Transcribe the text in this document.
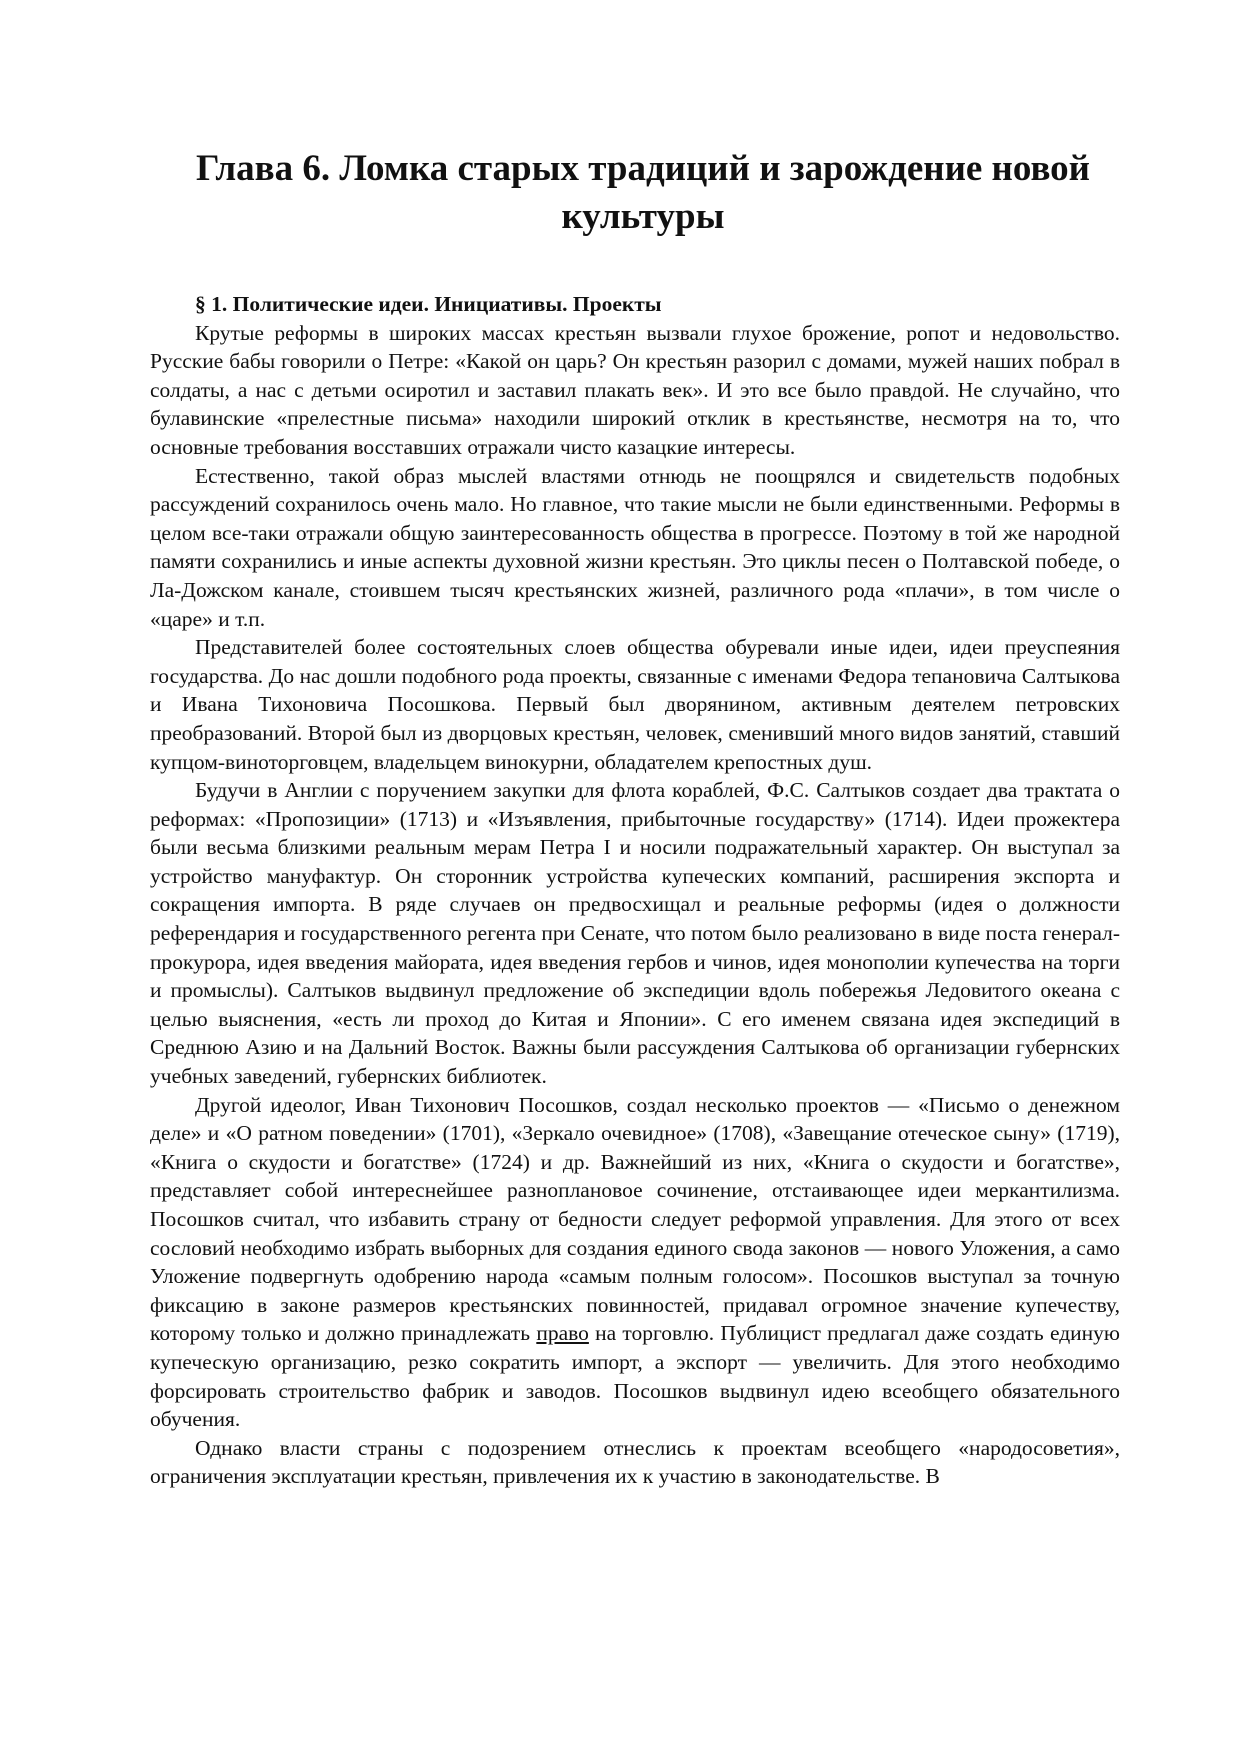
Глава 6. Ломка старых традиций и зарождение новой культуры

§ 1. Политические идеи. Инициативы. Проекты

Крутые реформы в широких массах крестьян вызвали глухое брожение, ропот и недовольство. Русские бабы говорили о Петре: «Какой он царь? Он крестьян разорил с домами, мужей наших побрал в солдаты, а нас с детьми осиротил и заставил плакать век». И это все было правдой. Не случайно, что булавинские «прелестные письма» находили широкий отклик в крестьянстве, несмотря на то, что основные требования восставших отражали чисто казацкие интересы.

Естественно, такой образ мыслей властями отнюдь не поощрялся и свидетельств подобных рассуждений сохранилось очень мало. Но главное, что такие мысли не были единственными. Реформы в целом все-таки отражали общую заинтересованность общества в прогрессе. Поэтому в той же народной памяти сохранились и иные аспекты духовной жизни крестьян. Это циклы песен о Полтавской победе, о Ла-Дожском канале, стоившем тысяч крестьянских жизней, различного рода «плачи», в том числе о «царе» и т.п.

Представителей более состоятельных слоев общества обуревали иные идеи, идеи преуспеяния государства. До нас дошли подобного рода проекты, связанные с именами Федора тепановича Салтыкова и Ивана Тихоновича Посошкова. Первый был дворянином, активным деятелем петровских преобразований. Второй был из дворцовых крестьян, человек, сменивший много видов занятий, ставший купцом-виноторговцем, владельцем винокурни, обладателем крепостных душ.

Будучи в Англии с поручением закупки для флота кораблей, Ф.С. Салтыков создает два трактата о реформах: «Пропозиции» (1713) и «Изъявления, прибыточные государству» (1714). Идеи прожектера были весьма близкими реальным мерам Петра I и носили подражательный характер. Он выступал за устройство мануфактур. Он сторонник устройства купеческих компаний, расширения экспорта и сокращения импорта. В ряде случаев он предвосхищал и реальные реформы (идея о должности референдария и государственного регента при Сенате, что потом было реализовано в виде поста генерал-прокурора, идея введения майората, идея введения гербов и чинов, идея монополии купечества на торги и промыслы). Салтыков выдвинул предложение об экспедиции вдоль побережья Ледовитого океана с целью выяснения, «есть ли проход до Китая и Японии». С его именем связана идея экспедиций в Среднюю Азию и на Дальний Восток. Важны были рассуждения Салтыкова об организации губернских учебных заведений, губернских библиотек.

Другой идеолог, Иван Тихонович Посошков, создал несколько проектов — «Письмо о денежном деле» и «О ратном поведении» (1701), «Зеркало очевидное» (1708), «Завещание отеческое сыну» (1719), «Книга о скудости и богатстве» (1724) и др. Важнейший из них, «Книга о скудости и богатстве», представляет собой интереснейшее разноплановое сочинение, отстаивающее идеи меркантилизма. Посошков считал, что избавить страну от бедности следует реформой управления. Для этого от всех сословий необходимо избрать выборных для создания единого свода законов — нового Уложения, а само Уложение подвергнуть одобрению народа «самым полным голосом». Посошков выступал за точную фиксацию в законе размеров крестьянских повинностей, придавал огромное значение купечеству, которому только и должно принадлежать право на торговлю. Публицист предлагал даже создать единую купеческую организацию, резко сократить импорт, а экспорт — увеличить. Для этого необходимо форсировать строительство фабрик и заводов. Посошков выдвинул идею всеобщего обязательного обучения.

Однако власти страны с подозрением отнеслись к проектам всеобщего «народосоветия», ограничения эксплуатации крестьян, привлечения их к участию в законодательстве. В
